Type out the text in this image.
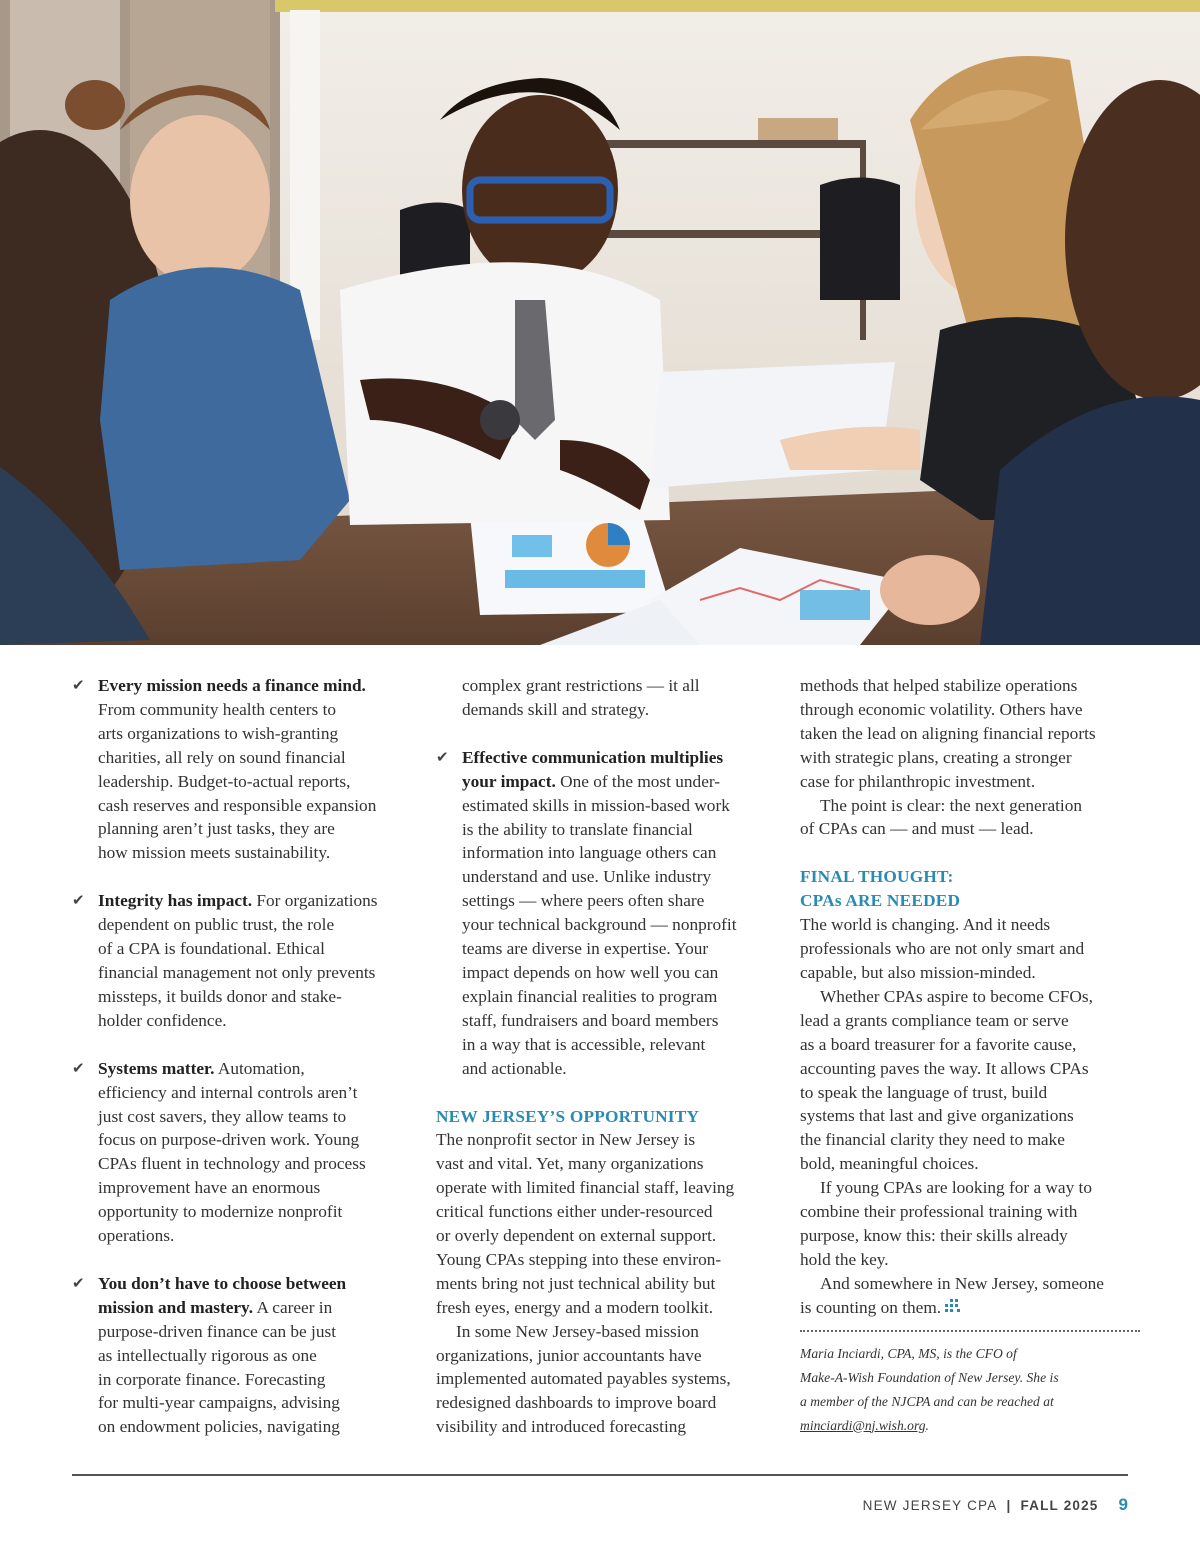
✔ Every mission needs a finance mind.
From community health centers to
arts organizations to wish-granting
charities, all rely on sound financial
leadership. Budget-to-actual reports,
cash reserves and responsible expansion
planning aren’t just tasks, they are
how mission meets sustainability.

✔ Integrity has impact. For organizations
dependent on public trust, the role
of a CPA is foundational. Ethical
financial management not only prevents
missteps, it builds donor and stake-
holder confidence.

✔ Systems matter. Automation,
efficiency and internal controls aren’t
just cost savers, they allow teams to
focus on purpose-driven work. Young
CPAs fluent in technology and process
improvement have an enormous
opportunity to modernize nonprofit
operations.

✔ You don’t have to choose between
mission and mastery. A career in
purpose-driven finance can be just
as intellectually rigorous as one
in corporate finance. Forecasting
for multi-year campaigns, advising
on endowment policies, navigating

complex grant restrictions — it all
demands skill and strategy.

✔ Effective communication multiplies
your impact. One of the most under-
estimated skills in mission-based work
is the ability to translate financial
information into language others can
understand and use. Unlike industry
settings — where peers often share
your technical background — nonprofit
teams are diverse in expertise. Your
impact depends on how well you can
explain financial realities to program
staff, fundraisers and board members
in a way that is accessible, relevant
and actionable.

NEW JERSEY’S OPPORTUNITY

The nonprofit sector in New Jersey is
vast and vital. Yet, many organizations
operate with limited financial staff, leaving
critical functions either under-resourced
or overly dependent on external support.
Young CPAs stepping into these environ-
ments bring not just technical ability but
fresh eyes, energy and a modern toolkit.

In some New Jersey-based mission
organizations, junior accountants have
implemented automated payables systems,
redesigned dashboards to improve board
visibility and introduced forecasting

methods that helped stabilize operations
through economic volatility. Others have
taken the lead on aligning financial reports
with strategic plans, creating a stronger
case for philanthropic investment.

The point is clear: the next generation
of CPAs can — and must — lead.

FINAL THOUGHT:
CPAs ARE NEEDED

The world is changing. And it needs
professionals who are not only smart and
capable, but also mission-minded.

Whether CPAs aspire to become CFOs,
lead a grants compliance team or serve
as a board treasurer for a favorite cause,
accounting paves the way. It allows CPAs
to speak the language of trust, build
systems that last and give organizations
the financial clarity they need to make
bold, meaningful choices.

If young CPAs are looking for a way to
combine their professional training with
purpose, know this: their skills already
hold the key.

And somewhere in New Jersey, someone
is counting on them.

Maria Inciardi, CPA, MS, is the CFO of
Make-A-Wish Foundation of New Jersey. She is
a member of the NJCPA and can be reached at
minciardi@nj.wish.org.

NEW JERSEY CPA | FALL 2025 9
